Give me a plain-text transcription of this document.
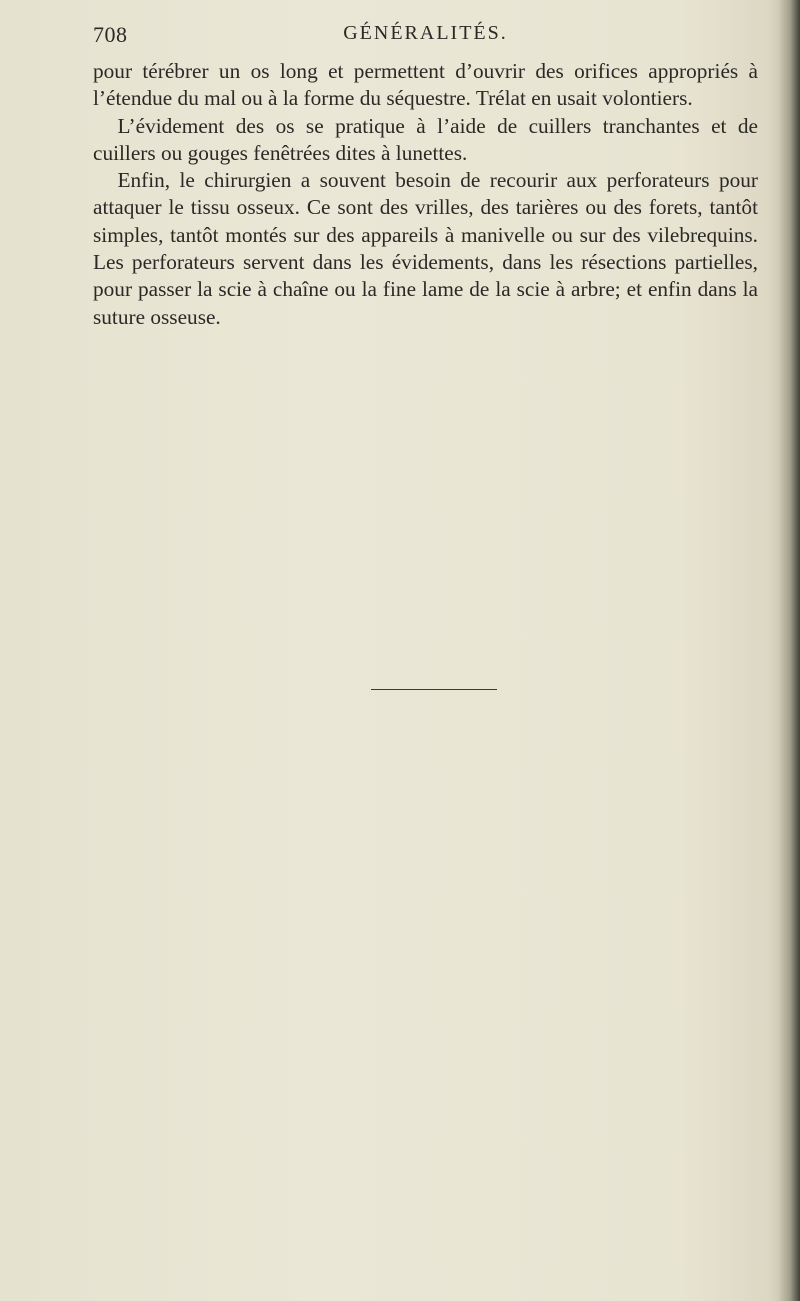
708	GÉNÉRALITÉS.

pour térébrer un os long et permettent d’ouvrir des orifices appropriés à l’étendue du mal ou à la forme du séquestre. Trélat en usait volontiers.

L’évidement des os se pratique à l’aide de cuillers tranchantes et de cuillers ou gouges fenêtrées dites à lunettes.

Enfin, le chirurgien a souvent besoin de recourir aux perforateurs pour attaquer le tissu osseux. Ce sont des vrilles, des tarières ou des forets, tantôt simples, tantôt montés sur des appareils à manivelle ou sur des vilebrequins. Les perforateurs servent dans les évidements, dans les résections partielles, pour passer la scie à chaîne ou la fine lame de la scie à arbre; et enfin dans la suture osseuse.
